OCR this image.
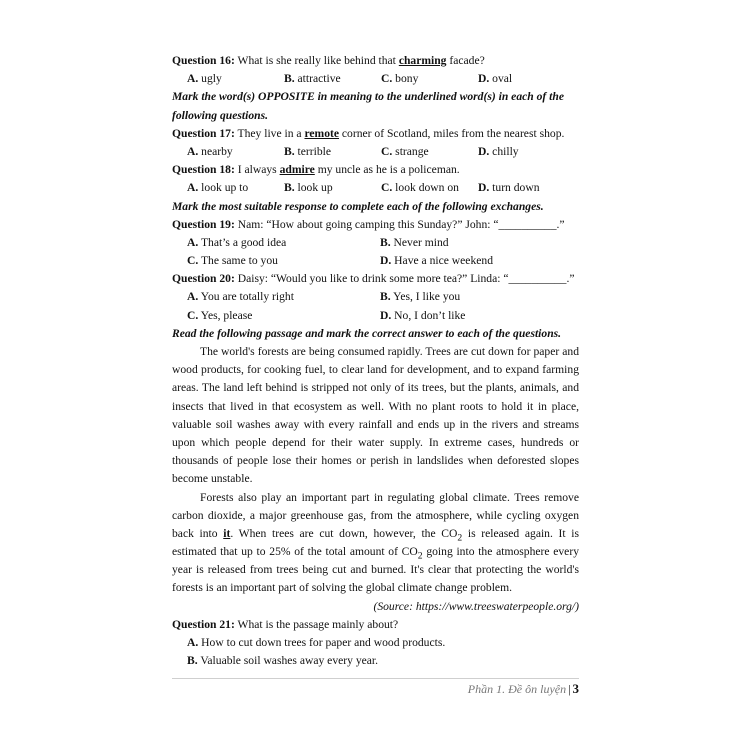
Question 16: What is she really like behind that charming facade?
A. ugly	B. attractive	C. bony	D. oval
Mark the word(s) OPPOSITE in meaning to the underlined word(s) in each of the
following questions.
Question 17: They live in a remote corner of Scotland, miles from the nearest shop.
A. nearby	B. terrible	C. strange	D. chilly
Question 18: I always admire my uncle as he is a policeman.
A. look up to	B. look up	C. look down on	D. turn down
Mark the most suitable response to complete each of the following exchanges.
Question 19: Nam: “How about going camping this Sunday?” John: “__________.”
A. That’s a good idea	B. Never mind
C. The same to you	D. Have a nice weekend
Question 20: Daisy: “Would you like to drink some more tea?” Linda: “__________.”
A. You are totally right	B. Yes, I like you
C. Yes, please	D. No, I don’t like
Read the following passage and mark the correct answer to each of the questions.
The world's forests are being consumed rapidly. Trees are cut down for paper and
wood products, for cooking fuel, to clear land for development, and to expand farming
areas. The land left behind is stripped not only of its trees, but the plants, animals, and
insects that lived in that ecosystem as well. With no plant roots to hold it in place,
valuable soil washes away with every rainfall and ends up in the rivers and streams
upon which people depend for their water supply. In extreme cases, hundreds or
thousands of people lose their homes or perish in landslides when deforested slopes
become unstable.
Forests also play an important part in regulating global climate. Trees remove
carbon dioxide, a major greenhouse gas, from the atmosphere, while cycling oxygen
back into it. When trees are cut down, however, the $CO_2$ is released again. It is
estimated that up to 25% of the total amount of $CO_2$ going into the atmosphere every
year is released from trees being cut and burned. It's clear that protecting the world's
forests is an important part of solving the global climate change problem.
(Source: https://www.treeswaterpeople.org/)
Question 21: What is the passage mainly about?
A. How to cut down trees for paper and wood products.
B. Valuable soil washes away every year.
Phần 1. Đề ôn luyện | 3
